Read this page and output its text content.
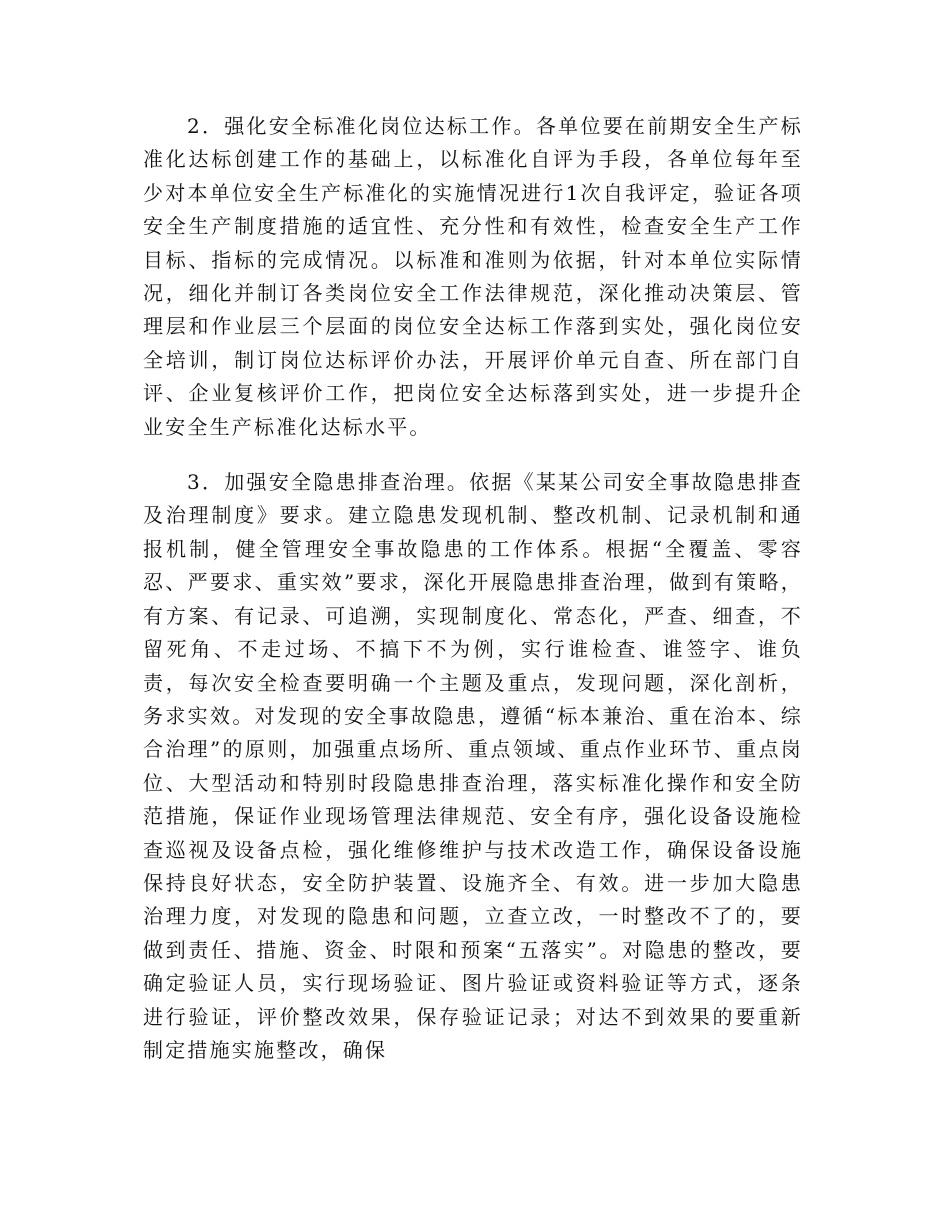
2．强化安全标准化岗位达标工作。各单位要在前期安全生产标准化达标创建工作的基础上，以标准化自评为手段，各单位每年至少对本单位安全生产标准化的实施情况进行1次自我评定，验证各项安全生产制度措施的适宜性、充分性和有效性，检查安全生产工作目标、指标的完成情况。以标准和准则为依据，针对本单位实际情况，细化并制订各类岗位安全工作法律规范，深化推动决策层、管理层和作业层三个层面的岗位安全达标工作落到实处，强化岗位安全培训，制订岗位达标评价办法，开展评价单元自查、所在部门自评、企业复核评价工作，把岗位安全达标落到实处，进一步提升企业安全生产标准化达标水平。

3．加强安全隐患排查治理。依据《某某公司安全事故隐患排查及治理制度》要求。建立隐患发现机制、整改机制、记录机制和通报机制，健全管理安全事故隐患的工作体系。根据“全覆盖、零容忍、严要求、重实效”要求，深化开展隐患排查治理，做到有策略，有方案、有记录、可追溯，实现制度化、常态化，严查、细查，不留死角、不走过场、不搞下不为例，实行谁检查、谁签字、谁负责，每次安全检查要明确一个主题及重点，发现问题，深化剖析，务求实效。对发现的安全事故隐患，遵循“标本兼治、重在治本、综合治理”的原则，加强重点场所、重点领域、重点作业环节、重点岗位、大型活动和特别时段隐患排查治理，落实标准化操作和安全防范措施，保证作业现场管理法律规范、安全有序，强化设备设施检查巡视及设备点检，强化维修维护与技术改造工作，确保设备设施保持良好状态，安全防护装置、设施齐全、有效。进一步加大隐患治理力度，对发现的隐患和问题，立查立改，一时整改不了的，要做到责任、措施、资金、时限和预案“五落实”。对隐患的整改，要确定验证人员，实行现场验证、图片验证或资料验证等方式，逐条进行验证，评价整改效果，保存验证记录；对达不到效果的要重新制定措施实施整改，确保
